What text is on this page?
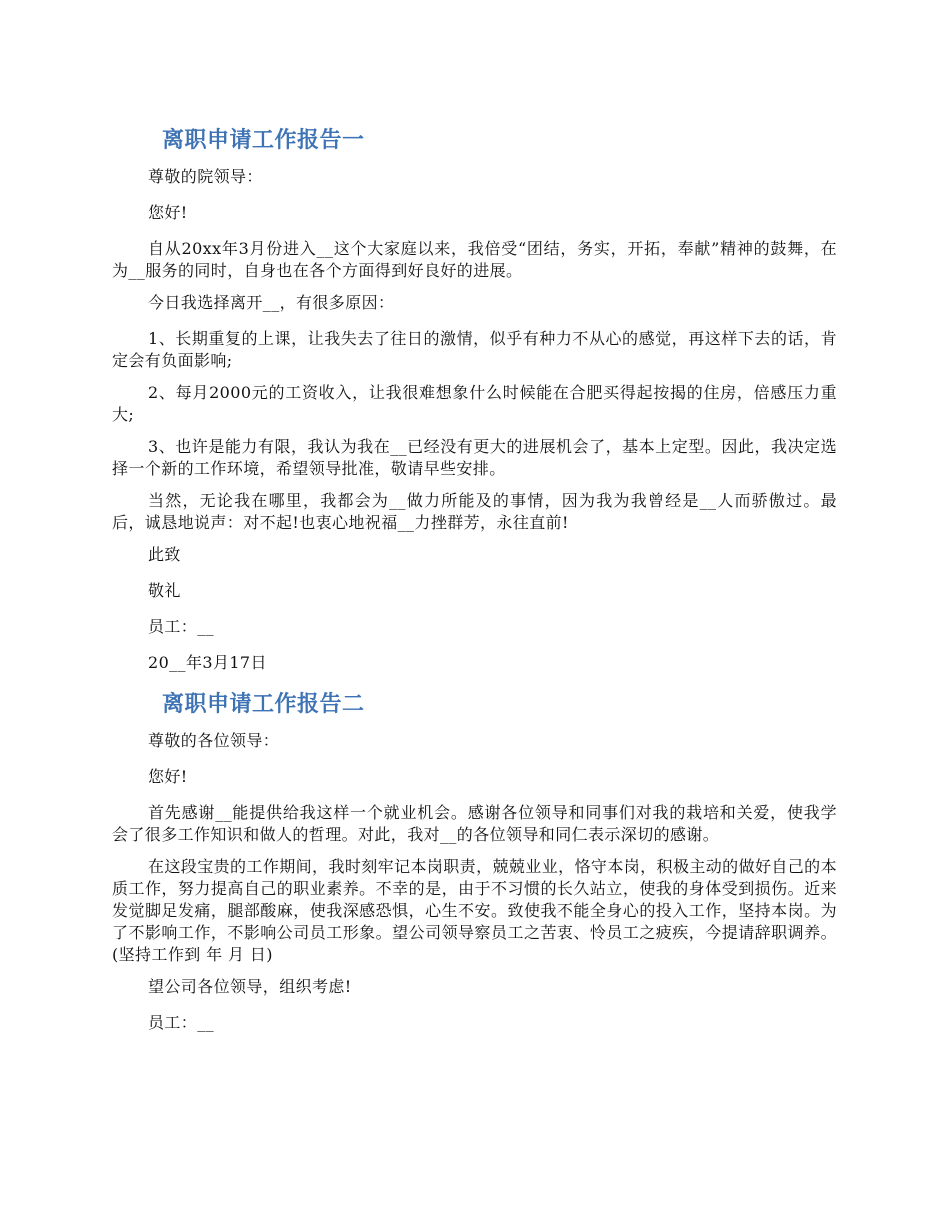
离职申请工作报告一

尊敬的院领导：

您好!

自从20xx年3月份进入__这个大家庭以来，我倍受“团结，务实，开拓，奉献”精神的鼓舞，在为__服务的同时，自身也在各个方面得到好良好的进展。

今日我选择离开__，有很多原因：

1、长期重复的上课，让我失去了往日的激情，似乎有种力不从心的感觉，再这样下去的话，肯定会有负面影响;

2、每月2000元的工资收入，让我很难想象什么时候能在合肥买得起按揭的住房，倍感压力重大;

3、也许是能力有限，我认为我在__已经没有更大的进展机会了，基本上定型。因此，我决定选择一个新的工作环境，希望领导批准，敬请早些安排。

当然，无论我在哪里，我都会为__做力所能及的事情，因为我为我曾经是__人而骄傲过。最后，诚恳地说声：对不起!也衷心地祝福__力挫群芳，永往直前!

此致

敬礼

员工：__

20__年3月17日

离职申请工作报告二

尊敬的各位领导：

您好!

首先感谢__能提供给我这样一个就业机会。感谢各位领导和同事们对我的栽培和关爱，使我学会了很多工作知识和做人的哲理。对此，我对__的各位领导和同仁表示深切的感谢。

在这段宝贵的工作期间，我时刻牢记本岗职责，兢兢业业，恪守本岗，积极主动的做好自己的本质工作，努力提高自己的职业素养。不幸的是，由于不习惯的长久站立，使我的身体受到损伤。近来发觉脚足发痛，腿部酸麻，使我深感恐惧，心生不安。致使我不能全身心的投入工作，坚持本岗。为了不影响工作，不影响公司员工形象。望公司领导察员工之苦衷、怜员工之疲疾，今提请辞职调养。(坚持工作到 年 月 日)

望公司各位领导，组织考虑!

员工：__
